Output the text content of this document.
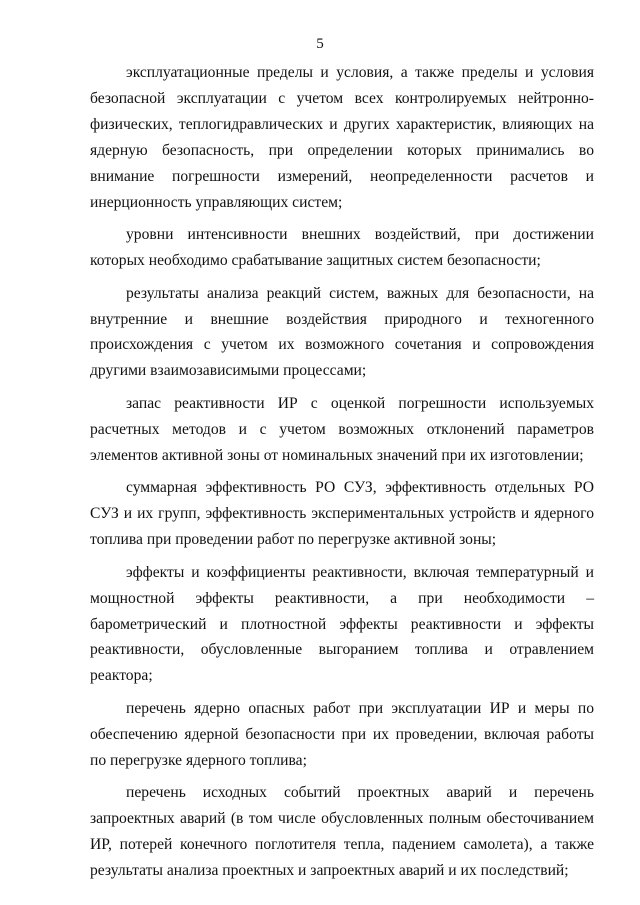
5

эксплуатационные пределы и условия, а также пределы и условия безопасной эксплуатации с учетом всех контролируемых нейтронно-физических, теплогидравлических и других характеристик, влияющих на ядерную безопасность, при определении которых принимались во внимание погрешности измерений, неопределенности расчетов и инерционность управляющих систем;

уровни интенсивности внешних воздействий, при достижении которых необходимо срабатывание защитных систем безопасности;

результаты анализа реакций систем, важных для безопасности, на внутренние и внешние воздействия природного и техногенного происхождения с учетом их возможного сочетания и сопровождения другими взаимозависимыми процессами;

запас реактивности ИР с оценкой погрешности используемых расчетных методов и с учетом возможных отклонений параметров элементов активной зоны от номинальных значений при их изготовлении;

суммарная эффективность РО СУЗ, эффективность отдельных РО СУЗ и их групп, эффективность экспериментальных устройств и ядерного топлива при проведении работ по перегрузке активной зоны;

эффекты и коэффициенты реактивности, включая температурный и мощностной эффекты реактивности, а при необходимости – барометрический и плотностной эффекты реактивности и эффекты реактивности, обусловленные выгоранием топлива и отравлением реактора;

перечень ядерно опасных работ при эксплуатации ИР и меры по обеспечению ядерной безопасности при их проведении, включая работы по перегрузке ядерного топлива;

перечень исходных событий проектных аварий и перечень запроектных аварий (в том числе обусловленных полным обесточиванием ИР, потерей конечного поглотителя тепла, падением самолета), а также результаты анализа проектных и запроектных аварий и их последствий;
